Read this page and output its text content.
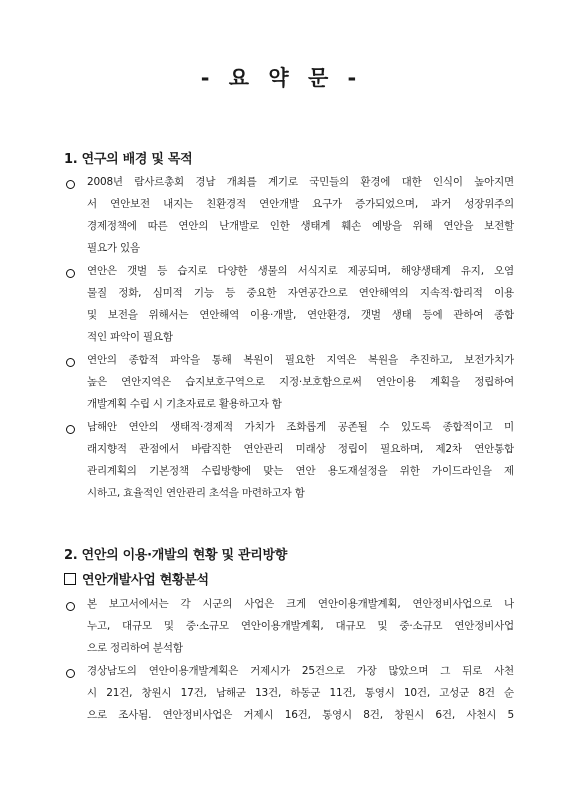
- 요 약 문 -
1. 연구의 배경 및 목적
2008년 람사르총회 경남 개최를 계기로 국민들의 환경에 대한 인식이 높아지면
서 연안보전 내지는 친환경적 연안개발 요구가 증가되었으며, 과거 성장위주의
경제정책에 따른 연안의 난개발로 인한 생태계 훼손 예방을 위해 연안을 보전할
필요가 있음
연안은 갯벌 등 습지로 다양한 생물의 서식지로 제공되며, 해양생태계 유지, 오염
물질 정화, 심미적 기능 등 중요한 자연공간으로 연안해역의 지속적·합리적 이용
및 보전을 위해서는 연안해역 이용·개발, 연안환경, 갯벌 생태 등에 관하여 종합
적인 파악이 필요함
연안의 종합적 파악을 통해 복원이 필요한 지역은 복원을 추진하고, 보전가치가
높은 연안지역은 습지보호구역으로 지정·보호함으로써 연안이용 계획을 정립하여
개발계획 수립 시 기초자료로 활용하고자 함
남해안 연안의 생태적·경제적 가치가 조화롭게 공존될 수 있도록 종합적이고 미
래지향적 관점에서 바람직한 연안관리 미래상 정립이 필요하며, 제2차 연안통합
관리계획의 기본정책 수립방향에 맞는 연안 용도재설정을 위한 가이드라인을 제
시하고, 효율적인 연안관리 초석을 마련하고자 함
2. 연안의 이용·개발의 현황 및 관리방향
연안개발사업 현황분석
본 보고서에서는 각 시군의 사업은 크게 연안이용개발계획, 연안정비사업으로 나
누고, 대규모 및 중·소규모 연안이용개발계획, 대규모 및 중·소규모 연안정비사업
으로 정리하여 분석함
경상남도의 연안이용개발계획은 거제시가 25건으로 가장 많았으며 그 뒤로 사천
시 21건, 창원시 17건, 남해군 13건, 하동군 11건, 통영시 10건, 고성군 8건 순
으로 조사됨. 연안정비사업은 거제시 16건, 통영시 8건, 창원시 6건, 사천시 5
